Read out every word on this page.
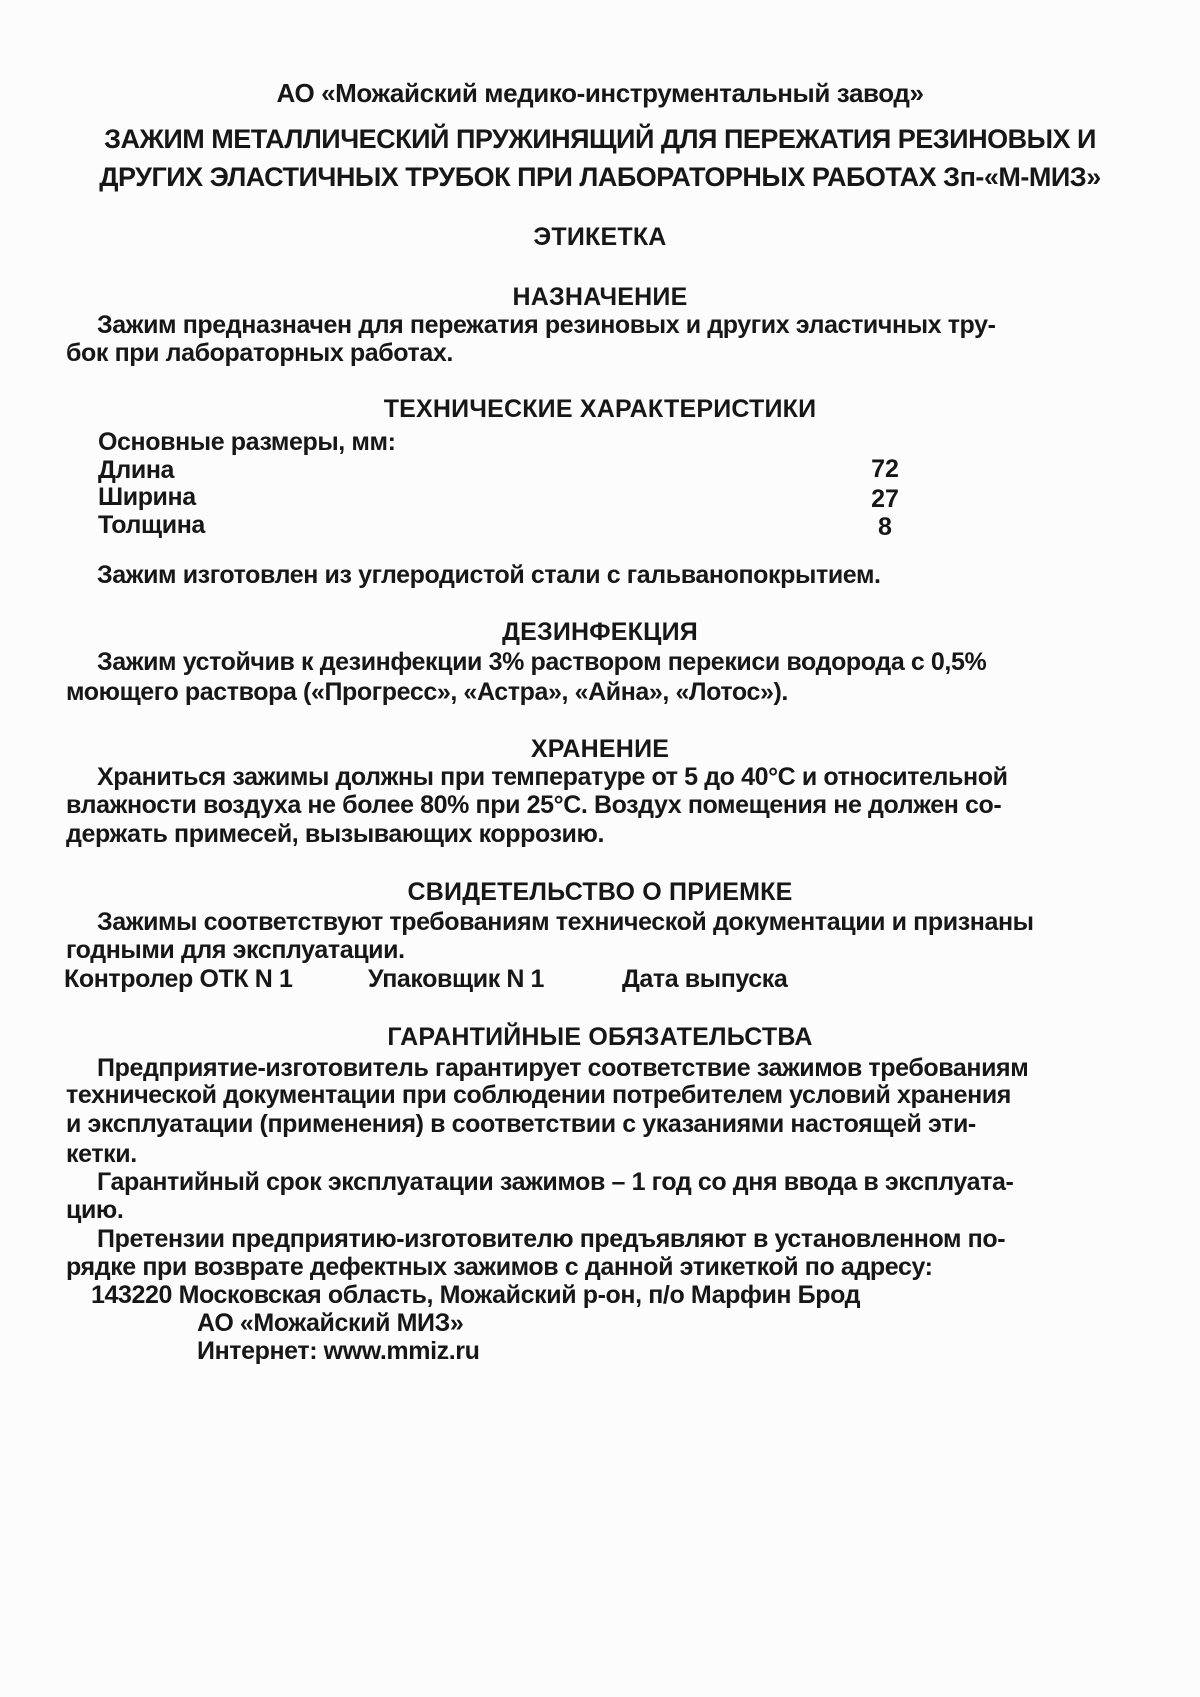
АО «Можайский медико-инструментальный завод»
ЗАЖИМ МЕТАЛЛИЧЕСКИЙ ПРУЖИНЯЩИЙ ДЛЯ ПЕРЕЖАТИЯ РЕЗИНОВЫХ И
ДРУГИХ ЭЛАСТИЧНЫХ ТРУБОК ПРИ ЛАБОРАТОРНЫХ РАБОТАХ Зп-«М-МИЗ»
ЭТИКЕТКА
НАЗНАЧЕНИЕ
Зажим предназначен для пережатия резиновых и других эластичных тру-
бок при лабораторных работах.
ТЕХНИЧЕСКИЕ ХАРАКТЕРИСТИКИ
Основные размеры, мм:
Длина	72
Ширина	27
Толщина	8
Зажим изготовлен из углеродистой стали с гальванопокрытием.
ДЕЗИНФЕКЦИЯ
Зажим устойчив к дезинфекции 3% раствором перекиси водорода с 0,5%
моющего раствора («Прогресс», «Астра», «Айна», «Лотос»).
ХРАНЕНИЕ
Храниться зажимы должны при температуре от 5 до 40°С и относительной
влажности воздуха не более 80% при 25°С. Воздух помещения не должен со-
держать примесей, вызывающих коррозию.
СВИДЕТЕЛЬСТВО О ПРИЕМКЕ
Зажимы соответствуют требованиям технической документации и признаны
годными для эксплуатации.

Контролер ОТК N 1

	Упаковщик N 1

	Дата выпуска

ГАРАНТИЙНЫЕ ОБЯЗАТЕЛЬСТВА
Предприятие-изготовитель гарантирует соответствие зажимов требованиям
технической документации при соблюдении потребителем условий хранения
и эксплуатации (применения) в соответствии с указаниями настоящей эти-
кетки.
Гарантийный срок эксплуатации зажимов – 1 год со дня ввода в эксплуата-
цию.
Претензии предприятию-изготовителю предъявляют в установленном по-
рядке при возврате дефектных зажимов с данной этикеткой по адресу:
143220 Московская область, Можайский р-он, п/о Марфин Брод
АО «Можайский МИЗ»
Интернет: www.mmiz.ru
